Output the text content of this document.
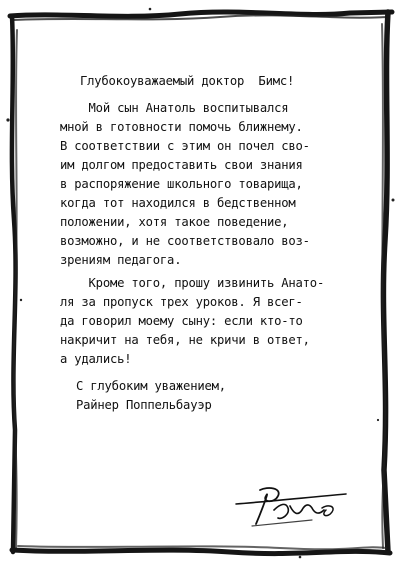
Глубокоуважаемый доктор  Бимс!

Мой сын Анатоль воспитывался
мной в готовности помочь ближнему.
В соответствии с этим он почел сво-
им долгом предоставить свои знания
в распоряжение школьного товарища,
когда тот находился в бедственном
положении, хотя такое поведение,
возможно, и не соответствовало воз-
зрениям педагога.

Кроме того, прошу извинить Анато-
ля за пропуск трех уроков. Я всег-
да говорил моему сыну: если кто-то
накричит на тебя, не кричи в ответ,
а удались!

С глубоким уважением,
Райнер Поппельбауэр
